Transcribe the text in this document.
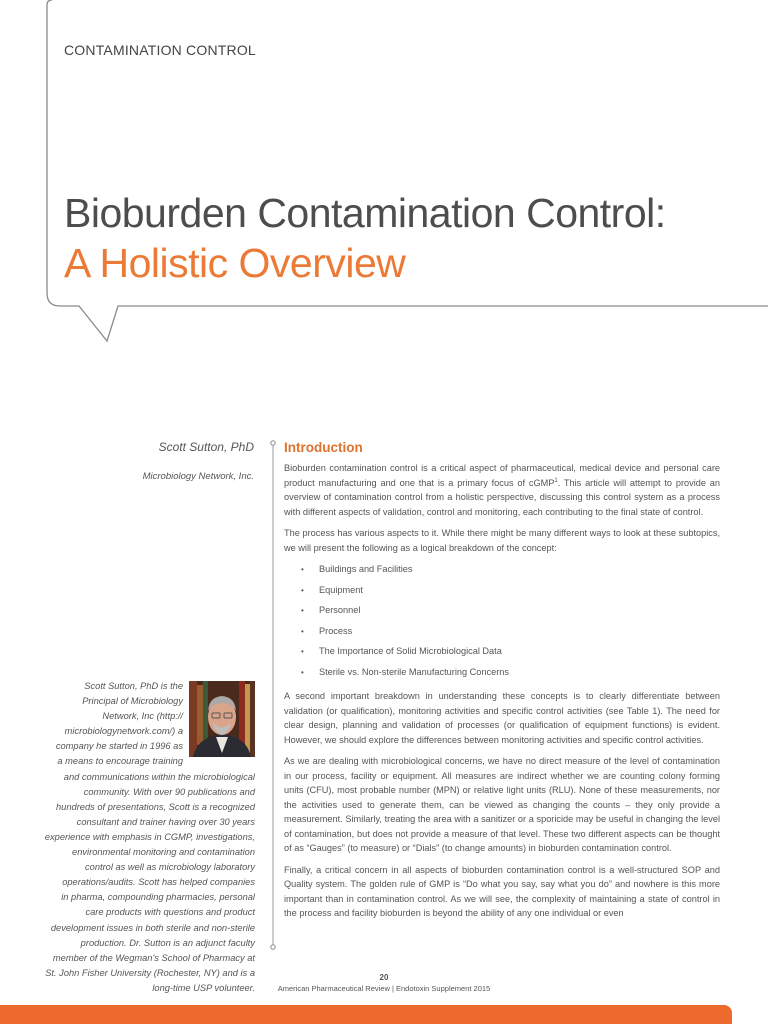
CONTAMINATION CONTROL
Bioburden Contamination Control:
A Holistic Overview
Scott Sutton, PhD
Microbiology Network, Inc.
Scott Sutton, PhD is the
Principal of Microbiology
Network, Inc (http://
microbiologynetwork.com/) a
company he started in 1996 as
a means to encourage training
and communications within the microbiological
community. With over 90 publications and
hundreds of presentations, Scott is a recognized
consultant and trainer having over 30 years
experience with emphasis in CGMP, investigations,
environmental monitoring and contamination
control as well as microbiology laboratory
operations/audits. Scott has helped companies
in pharma, compounding pharmacies, personal
care products with questions and product
development issues in both sterile and non-sterile
production. Dr. Sutton is an adjunct faculty
member of the Wegman's School of Pharmacy at
St. John Fisher University (Rochester, NY) and is a
long-time USP volunteer.
Introduction

Bioburden contamination control is a critical aspect of pharmaceutical, medical device and personal care product manufacturing and one that is a primary focus of cGMP$^1$. This article will attempt to provide an overview of contamination control from a holistic perspective, discussing this control system as a process with different aspects of validation, control and monitoring, each contributing to the final state of control.

The process has various aspects to it. While there might be many different ways to look at these subtopics, we will present the following as a logical breakdown of the concept:

• Buildings and Facilities
• Equipment
• Personnel
• Process
• The Importance of Solid Microbiological Data
• Sterile vs. Non-sterile Manufacturing Concerns

A second important breakdown in understanding these concepts is to clearly differentiate between validation (or qualification), monitoring activities and specific control activities (see Table 1). The need for clear design, planning and validation of processes (or qualification of equipment functions) is evident. However, we should explore the differences between monitoring activities and specific control activities.

As we are dealing with microbiological concerns, we have no direct measure of the level of contamination in our process, facility or equipment. All measures are indirect whether we are counting colony forming units (CFU), most probable number (MPN) or relative light units (RLU). None of these measurements, nor the activities used to generate them, can be viewed as changing the counts – they only provide a measurement. Similarly, treating the area with a sanitizer or a sporicide may be useful in changing the level of contamination, but does not provide a measure of that level. These two different aspects can be thought of as “Gauges” (to measure) or “Dials” (to change amounts) in bioburden contamination control.

Finally, a critical concern in all aspects of bioburden contamination control is a well-structured SOP and Quality system. The golden rule of GMP is “Do what you say, say what you do” and nowhere is this more important than in contamination control. As we will see, the complexity of maintaining a state of control in the process and facility bioburden is beyond the ability of any one individual or even

20
American Pharmaceutical Review | Endotoxin Supplement 2015
